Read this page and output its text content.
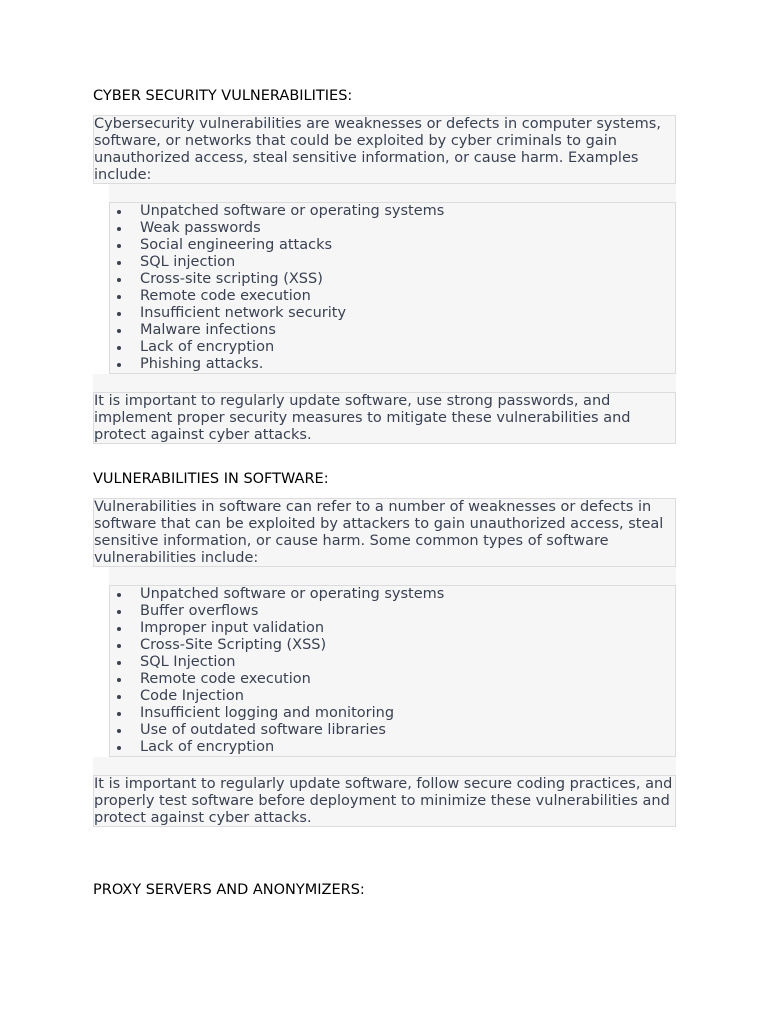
CYBER SECURITY VULNERABILITIES:

Cybersecurity vulnerabilities are weaknesses or defects in computer systems, software, or networks that could be exploited by cyber criminals to gain unauthorized access, steal sensitive information, or cause harm. Examples include:

Unpatched software or operating systems
Weak passwords
Social engineering attacks
SQL injection
Cross-site scripting (XSS)
Remote code execution
Insufficient network security
Malware infections
Lack of encryption
Phishing attacks.

It is important to regularly update software, use strong passwords, and implement proper security measures to mitigate these vulnerabilities and protect against cyber attacks.

VULNERABILITIES IN SOFTWARE:

Vulnerabilities in software can refer to a number of weaknesses or defects in software that can be exploited by attackers to gain unauthorized access, steal sensitive information, or cause harm. Some common types of software vulnerabilities include:

Unpatched software or operating systems
Buffer overflows
Improper input validation
Cross-Site Scripting (XSS)
SQL Injection
Remote code execution
Code Injection
Insufficient logging and monitoring
Use of outdated software libraries
Lack of encryption

It is important to regularly update software, follow secure coding practices, and properly test software before deployment to minimize these vulnerabilities and protect against cyber attacks.

PROXY SERVERS AND ANONYMIZERS:
